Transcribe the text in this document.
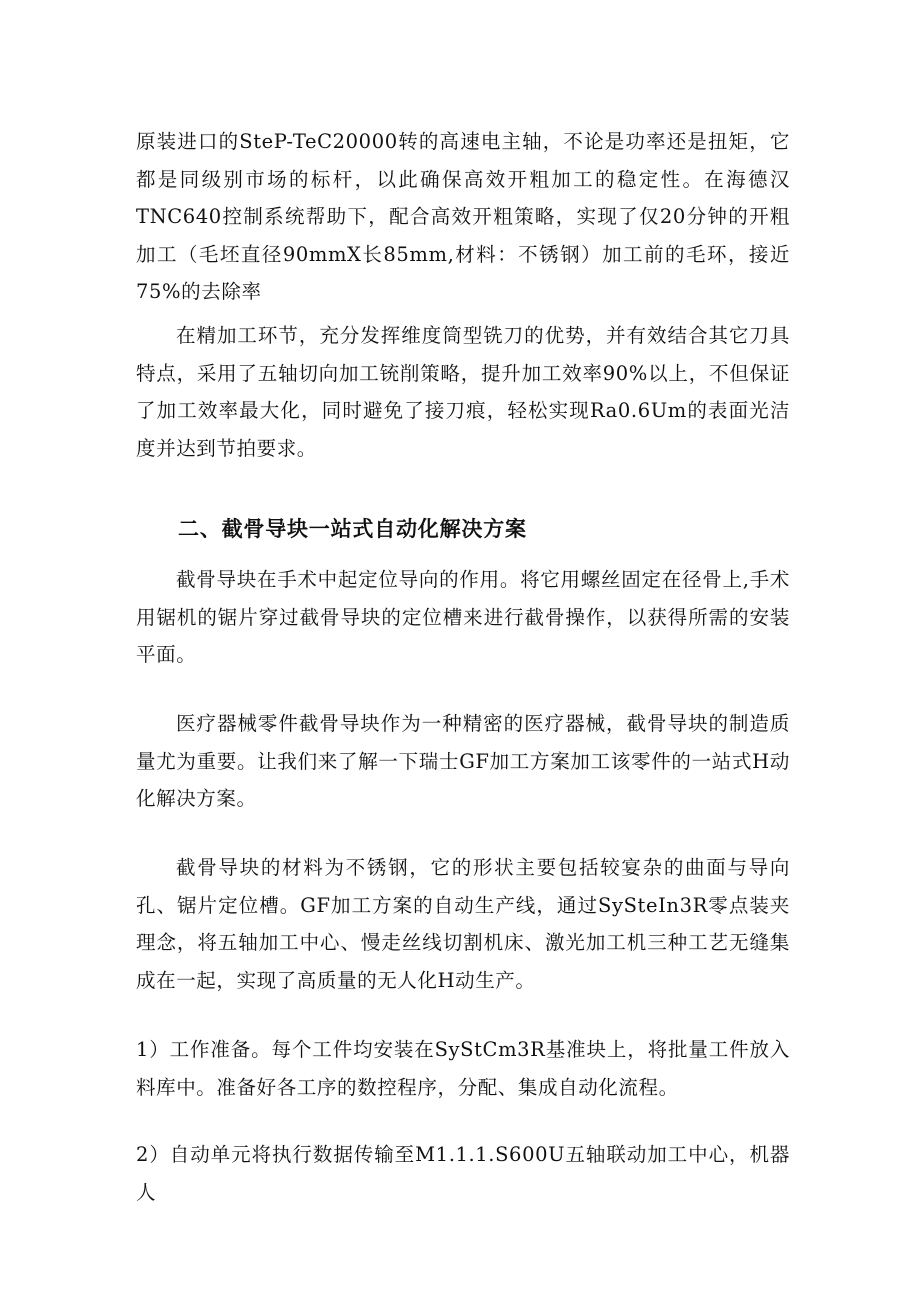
原装进口的SteP-TeC20000转的高速电主轴，不论是功率还是扭矩，它都是同级别市场的标杆，以此确保高效开粗加工的稳定性。在海德汉TNC640控制系统帮助下，配合高效开粗策略，实现了仅20分钟的开粗加工（毛坯直径90mmX长85mm,材料：不锈钢）加工前的毛环，接近75%的去除率

在精加工环节，充分发挥维度筒型铣刀的优势，并有效结合其它刀具特点，采用了五轴切向加工铳削策略，提升加工效率90%以上，不但保证了加工效率最大化，同时避免了接刀痕，轻松实现Ra0.6Um的表面光洁度并达到节拍要求。

二、截骨导块一站式自动化解决方案

截骨导块在手术中起定位导向的作用。将它用螺丝固定在径骨上,手术用锯机的锯片穿过截骨导块的定位槽来进行截骨操作，以获得所需的安装平面。

医疗器械零件截骨导块作为一种精密的医疗器械，截骨导块的制造质量尤为重要。让我们来了解一下瑞士GF加工方案加工该零件的一站式H动化解决方案。

截骨导块的材料为不锈钢，它的形状主要包括较宴杂的曲面与导向孔、锯片定位槽。GF加工方案的自动生产线，通过SySteIn3R零点装夹理念，将五轴加工中心、慢走丝线切割机床、激光加工机三种工艺无缝集成在一起，实现了高质量的无人化H动生产。

1）工作准备。每个工件均安装在SyStCm3R基准块上，将批量工件放入料库中。准备好各工序的数控程序，分配、集成自动化流程。

2）自动单元将执行数据传输至M1.1.1.S600U五轴联动加工中心，机器人
